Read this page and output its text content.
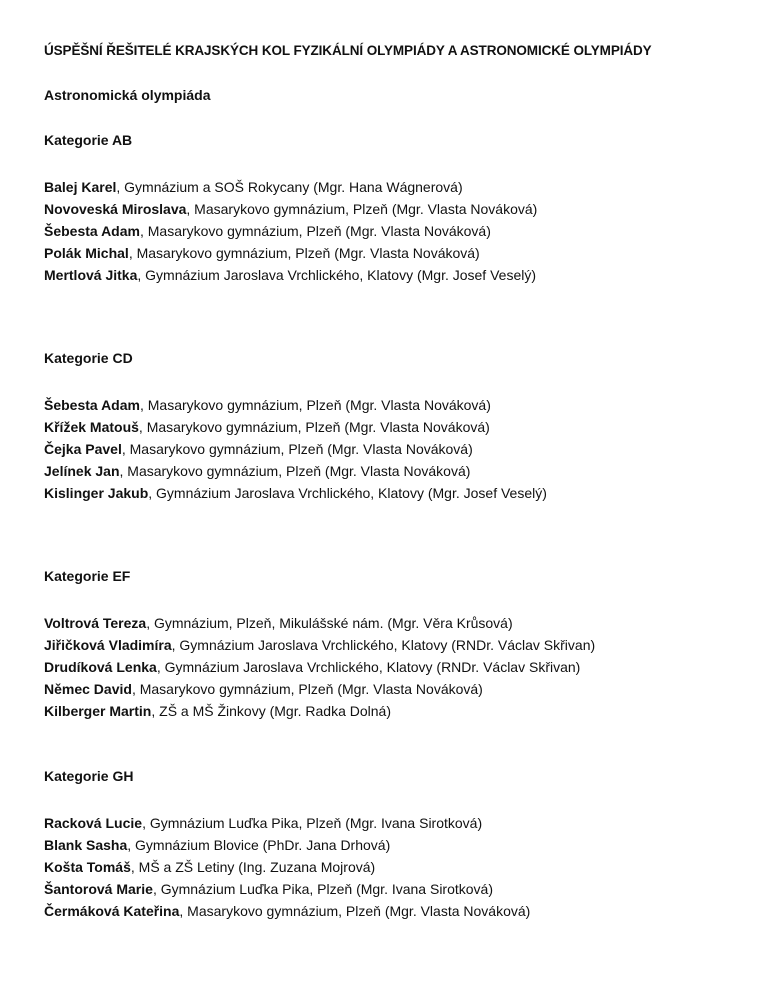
ÚSPĚŠNÍ ŘEŠITELÉ KRAJSKÝCH KOL FYZIKÁLNÍ OLYMPIÁDY A ASTRONOMICKÉ OLYMPIÁDY
Astronomická olympiáda
Kategorie AB
Balej Karel, Gymnázium a SOŠ Rokycany (Mgr. Hana Wágnerová)
Novoveská Miroslava, Masarykovo gymnázium, Plzeň (Mgr. Vlasta Nováková)
Šebesta Adam, Masarykovo gymnázium, Plzeň (Mgr. Vlasta Nováková)
Polák Michal, Masarykovo gymnázium, Plzeň (Mgr. Vlasta Nováková)
Mertlová Jitka, Gymnázium Jaroslava Vrchlického, Klatovy (Mgr. Josef Veselý)
Kategorie CD
Šebesta Adam, Masarykovo gymnázium, Plzeň (Mgr. Vlasta Nováková)
Křížek Matouš, Masarykovo gymnázium, Plzeň (Mgr. Vlasta Nováková)
Čejka Pavel, Masarykovo gymnázium, Plzeň (Mgr. Vlasta Nováková)
Jelínek Jan, Masarykovo gymnázium, Plzeň (Mgr. Vlasta Nováková)
Kislinger Jakub, Gymnázium Jaroslava Vrchlického, Klatovy (Mgr. Josef Veselý)
Kategorie EF
Voltrová Tereza, Gymnázium, Plzeň, Mikulášské nám. (Mgr. Věra Krůsová)
Jiřičková Vladimíra, Gymnázium Jaroslava Vrchlického, Klatovy (RNDr. Václav Skřivan)
Drudíková Lenka, Gymnázium Jaroslava Vrchlického, Klatovy (RNDr. Václav Skřivan)
Němec David, Masarykovo gymnázium, Plzeň (Mgr. Vlasta Nováková)
Kilberger Martin, ZŠ a MŠ Žinkovy (Mgr. Radka Dolná)
Kategorie GH
Racková Lucie, Gymnázium Luďka Pika, Plzeň (Mgr. Ivana Sirotková)
Blank Sasha, Gymnázium Blovice (PhDr. Jana Drhová)
Košta Tomáš, MŠ a ZŠ Letiny (Ing. Zuzana Mojrová)
Šantorová Marie, Gymnázium Luďka Pika, Plzeň (Mgr. Ivana Sirotková)
Čermáková Kateřina, Masarykovo gymnázium, Plzeň (Mgr. Vlasta Nováková)
